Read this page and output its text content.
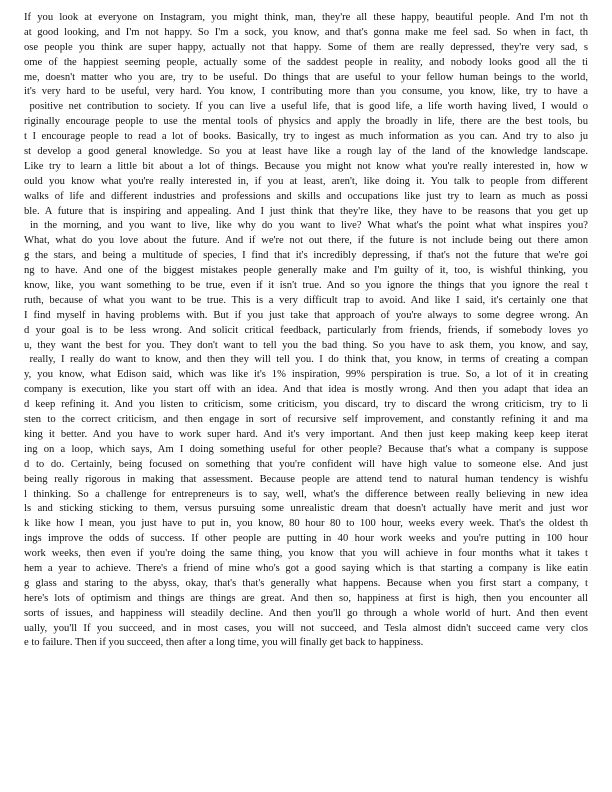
If you look at everyone on Instagram, you might think, man, they're all these happy, beautiful people. And I'm not th
at good looking, and I'm not happy. So I'm a sock, you know, and that's gonna make me feel sad. So when in fact, th
ose people you think are super happy, actually not that happy. Some of them are really depressed, they're very sad, s
ome of the happiest seeming people, actually some of the saddest people in reality, and nobody looks good all the ti
me, doesn't matter who you are, try to be useful. Do things that are useful to your fellow human beings to the world,
it's very hard to be useful, very hard. You know, I contributing more than you consume, you know, like, try to have a
positive net contribution to society. If you can live a useful life, that is good life, a life worth having lived, I would o
riginally encourage people to use the mental tools of physics and apply the broadly in life, there are the best tools, bu
t I encourage people to read a lot of books. Basically, try to ingest as much information as you can. And try to also ju
st develop a good general knowledge. So you at least have like a rough lay of the land of the knowledge landscape.
Like try to learn a little bit about a lot of things. Because you might not know what you're really interested in, how w
ould you know what you're really interested in, if you at least, aren't, like doing it. You talk to people from different
walks of life and different industries and professions and skills and occupations like just try to learn as much as possi
ble. A future that is inspiring and appealing. And I just think that they're like, they have to be reasons that you get up
in the morning, and you want to live, like why do you want to live? What what's the point what what inspires you?
What, what do you love about the future. And if we're not out there, if the future is not include being out there amon
g the stars, and being a multitude of species, I find that it's incredibly depressing, if that's not the future that we're goi
ng to have. And one of the biggest mistakes people generally make and I'm guilty of it, too, is wishful thinking, you
know, like, you want something to be true, even if it isn't true. And so you ignore the things that you ignore the real t
ruth, because of what you want to be true. This is a very difficult trap to avoid. And like I said, it's certainly one that
I find myself in having problems with. But if you just take that approach of you're always to some degree wrong. An
d your goal is to be less wrong. And solicit critical feedback, particularly from friends, friends, if somebody loves yo
u, they want the best for you. They don't want to tell you the bad thing. So you have to ask them, you know, and say,
really, I really do want to know, and then they will tell you. I do think that, you know, in terms of creating a compan
y, you know, what Edison said, which was like it's 1% inspiration, 99% perspiration is true. So, a lot of it in creating
company is execution, like you start off with an idea. And that idea is mostly wrong. And then you adapt that idea an
d keep refining it. And you listen to criticism, some criticism, you discard, try to discard the wrong criticism, try to li
sten to the correct criticism, and then engage in sort of recursive self improvement, and constantly refining it and ma
king it better. And you have to work super hard. And it's very important. And then just keep making keep keep iterat
ing on a loop, which says, Am I doing something useful for other people? Because that's what a company is suppose
d to do. Certainly, being focused on something that you're confident will have high value to someone else. And just
being really rigorous in making that assessment. Because people are attend tend to natural human tendency is wishfu
l thinking. So a challenge for entrepreneurs is to say, well, what's the difference between really believing in new idea
ls and sticking sticking to them, versus pursuing some unrealistic dream that doesn't actually have merit and just wor
k like how I mean, you just have to put in, you know, 80 hour 80 to 100 hour, weeks every week. That's the oldest th
ings improve the odds of success. If other people are putting in 40 hour work weeks and you're putting in 100 hour
work weeks, then even if you're doing the same thing, you know that you will achieve in four months what it takes t
hem a year to achieve. There's a friend of mine who's got a good saying which is that starting a company is like eatin
g glass and staring to the abyss, okay, that's that's generally what happens. Because when you first start a company, t
here's lots of optimism and things are things are great. And then so, happiness at first is high, then you encounter all
sorts of issues, and happiness will steadily decline. And then you'll go through a whole world of hurt. And then event
ually, you'll If you succeed, and in most cases, you will not succeed, and Tesla almost didn't succeed came very clos
e to failure. Then if you succeed, then after a long time, you will finally get back to happiness.
